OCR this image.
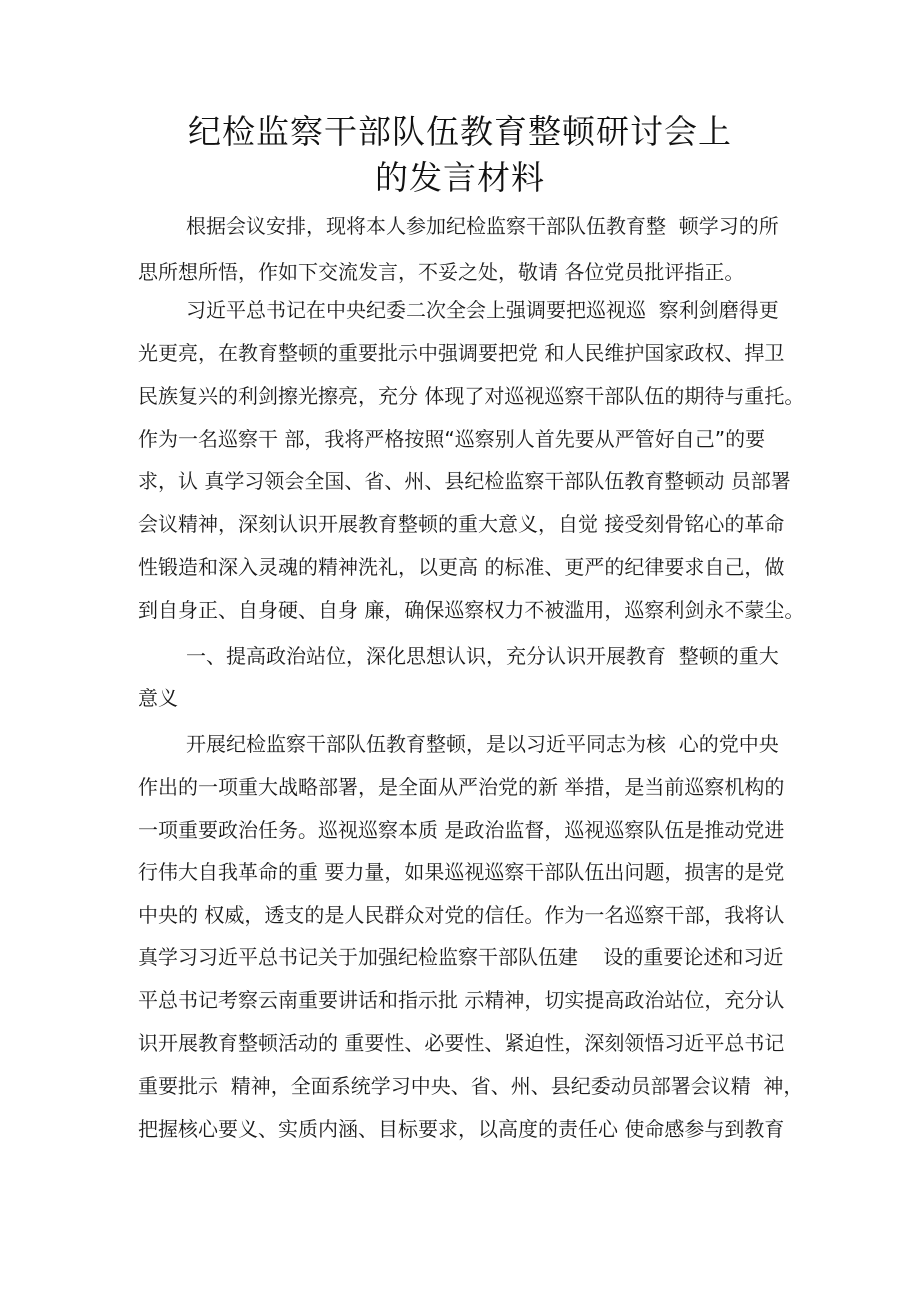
纪检监察干部队伍教育整顿研讨会上
的发言材料
根据会议安排，现将本人参加纪检监察干部队伍教育整  顿学习的所
思所想所悟，作如下交流发言，不妥之处，敬请 各位党员批评指正。
习近平总书记在中央纪委二次全会上强调要把巡视巡  察利剑磨得更
光更亮，在教育整顿的重要批示中强调要把党 和人民维护国家政权、捍卫
民族复兴的利剑擦光擦亮，充分 体现了对巡视巡察干部队伍的期待与重托。
作为一名巡察干 部，我将严格按照“巡察别人首先要从严管好自己”的要
求，认 真学习领会全国、省、州、县纪检监察干部队伍教育整顿动 员部署
会议精神，深刻认识开展教育整顿的重大意义，自觉 接受刻骨铭心的革命
性锻造和深入灵魂的精神洗礼，以更高 的标准、更严的纪律要求自己，做
到自身正、自身硬、自身 廉，确保巡察权力不被滥用，巡察利剑永不蒙尘。
一、提高政治站位，深化思想认识，充分认识开展教育  整顿的重大
意义
开展纪检监察干部队伍教育整顿，是以习近平同志为核  心的党中央
作出的一项重大战略部署，是全面从严治党的新 举措，是当前巡察机构的
一项重要政治任务。巡视巡察本质 是政治监督，巡视巡察队伍是推动党进
行伟大自我革命的重 要力量，如果巡视巡察干部队伍出问题，损害的是党
中央的 权威，透支的是人民群众对党的信任。作为一名巡察干部，我将认
真学习习近平总书记关于加强纪检监察干部队伍建    设的重要论述和习近
平总书记考察云南重要讲话和指示批 示精神，切实提高政治站位，充分认
识开展教育整顿活动的 重要性、必要性、紧迫性，深刻领悟习近平总书记
重要批示  精神，全面系统学习中央、省、州、县纪委动员部署会议精  神，
把握核心要义、实质内涵、目标要求，以高度的责任心 使命感参与到教育
